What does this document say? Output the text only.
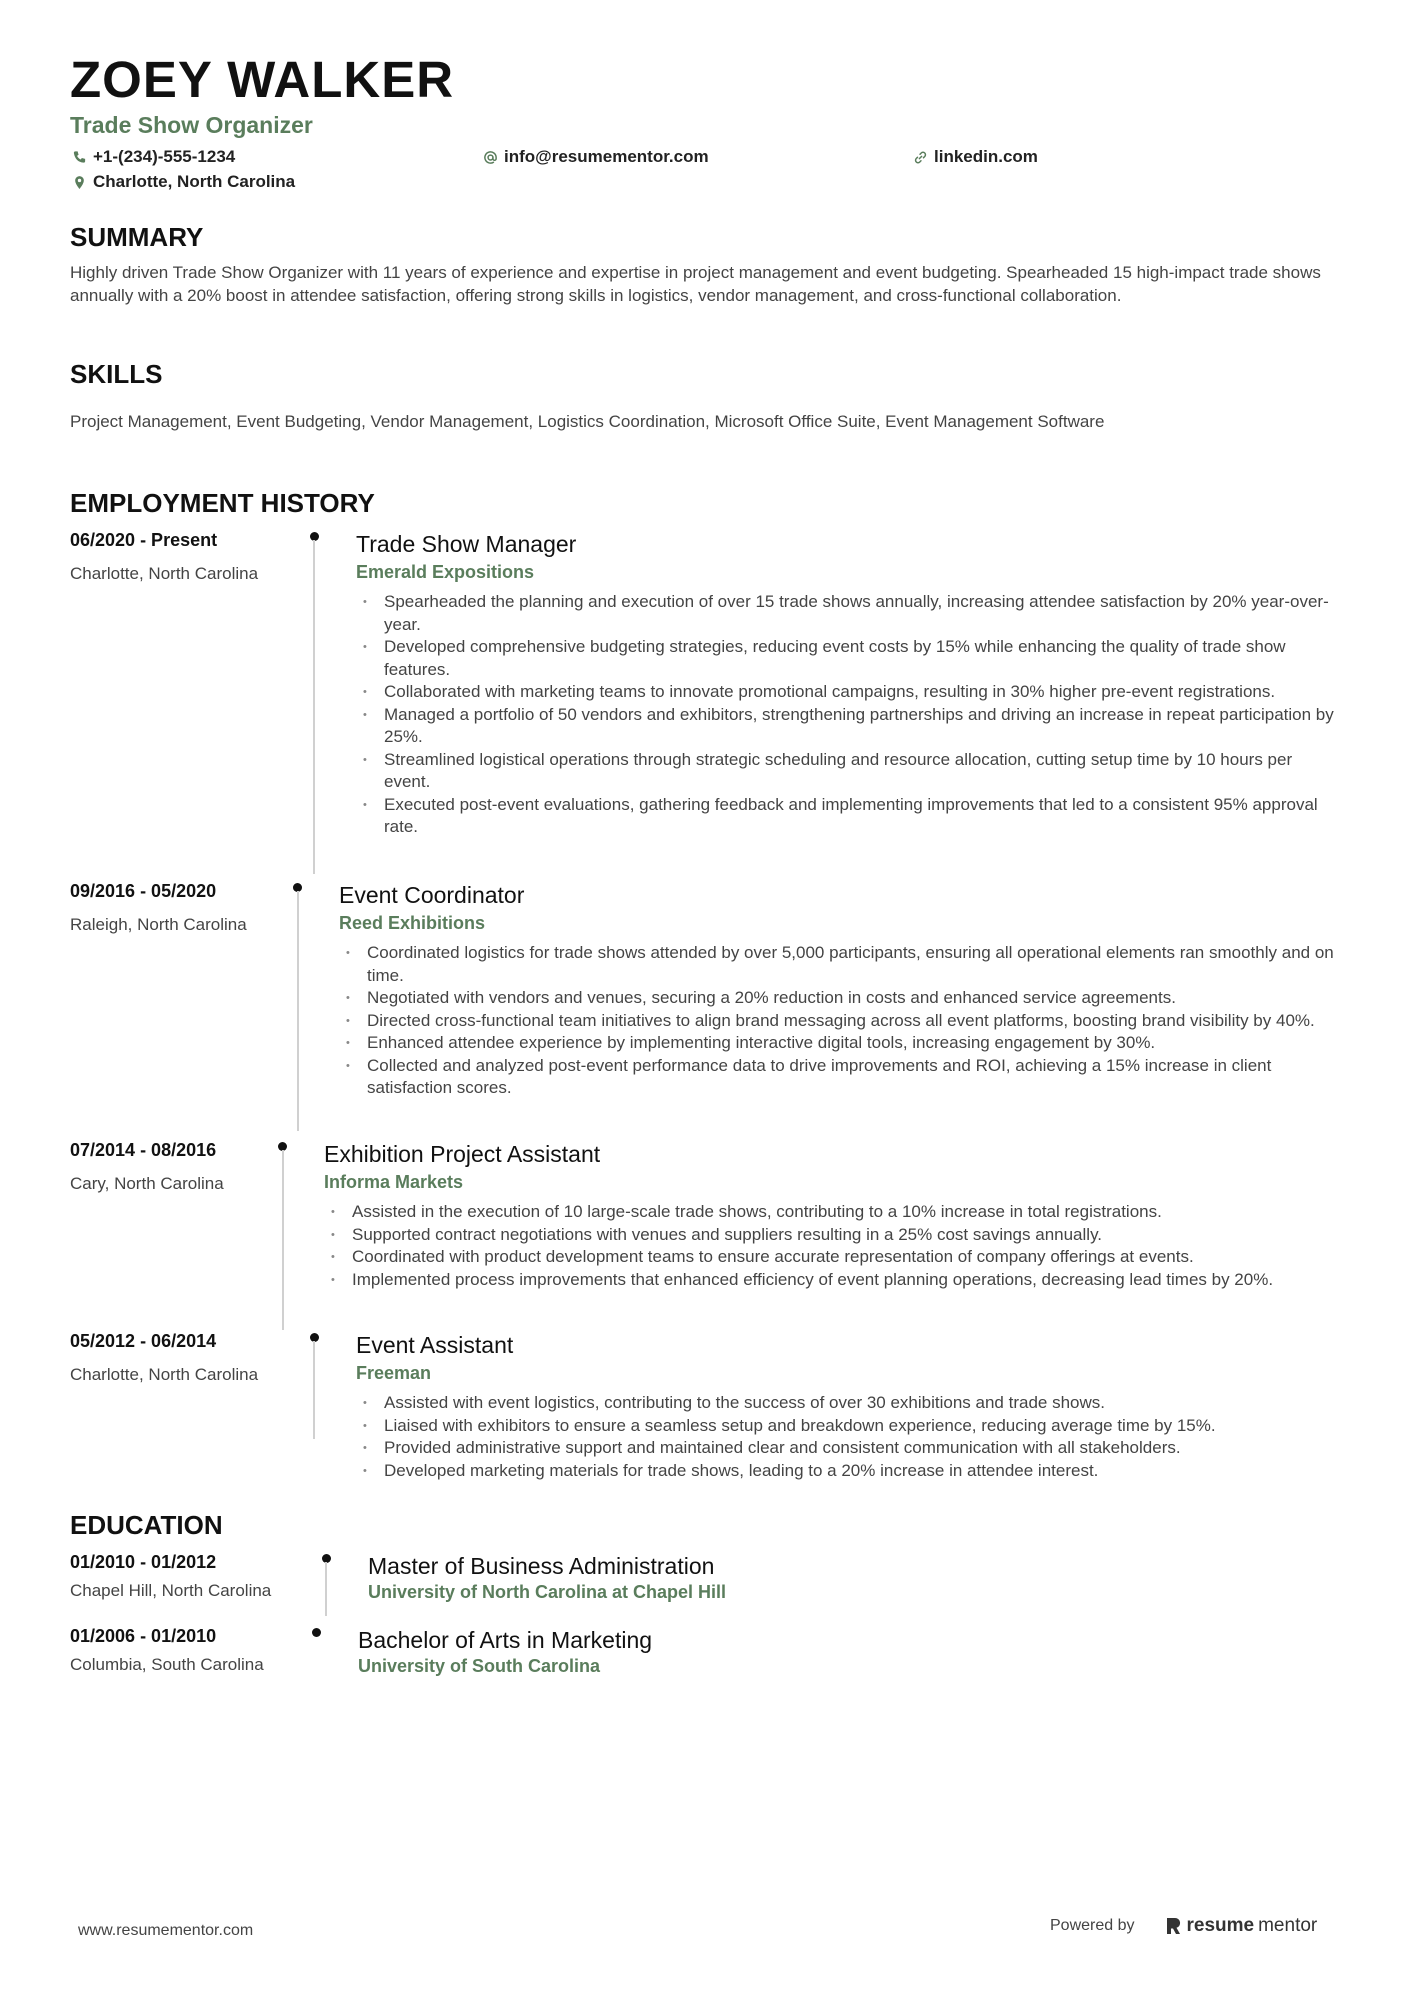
ZOEY WALKER
Trade Show Organizer
+1-(234)-555-1234	info@resumementor.com	linkedin.com
Charlotte, North Carolina
SUMMARY
Highly driven Trade Show Organizer with 11 years of experience and expertise in project management and event budgeting. Spearheaded 15 high-impact trade shows annually with a 20% boost in attendee satisfaction, offering strong skills in logistics, vendor management, and cross-functional collaboration.
SKILLS
Project Management, Event Budgeting, Vendor Management, Logistics Coordination, Microsoft Office Suite, Event Management Software
EMPLOYMENT HISTORY
06/2020 - Present
Charlotte, North Carolina
Trade Show Manager
Emerald Expositions
• Spearheaded the planning and execution of over 15 trade shows annually, increasing attendee satisfaction by 20% year-over-year.
• Developed comprehensive budgeting strategies, reducing event costs by 15% while enhancing the quality of trade show features.
• Collaborated with marketing teams to innovate promotional campaigns, resulting in 30% higher pre-event registrations.
• Managed a portfolio of 50 vendors and exhibitors, strengthening partnerships and driving an increase in repeat participation by 25%.
• Streamlined logistical operations through strategic scheduling and resource allocation, cutting setup time by 10 hours per event.
• Executed post-event evaluations, gathering feedback and implementing improvements that led to a consistent 95% approval rate.
09/2016 - 05/2020
Raleigh, North Carolina
Event Coordinator
Reed Exhibitions
• Coordinated logistics for trade shows attended by over 5,000 participants, ensuring all operational elements ran smoothly and on time.
• Negotiated with vendors and venues, securing a 20% reduction in costs and enhanced service agreements.
• Directed cross-functional team initiatives to align brand messaging across all event platforms, boosting brand visibility by 40%.
• Enhanced attendee experience by implementing interactive digital tools, increasing engagement by 30%.
• Collected and analyzed post-event performance data to drive improvements and ROI, achieving a 15% increase in client satisfaction scores.
07/2014 - 08/2016
Cary, North Carolina
Exhibition Project Assistant
Informa Markets
• Assisted in the execution of 10 large-scale trade shows, contributing to a 10% increase in total registrations.
• Supported contract negotiations with venues and suppliers resulting in a 25% cost savings annually.
• Coordinated with product development teams to ensure accurate representation of company offerings at events.
• Implemented process improvements that enhanced efficiency of event planning operations, decreasing lead times by 20%.
05/2012 - 06/2014
Charlotte, North Carolina
Event Assistant
Freeman
• Assisted with event logistics, contributing to the success of over 30 exhibitions and trade shows.
• Liaised with exhibitors to ensure a seamless setup and breakdown experience, reducing average time by 15%.
• Provided administrative support and maintained clear and consistent communication with all stakeholders.
• Developed marketing materials for trade shows, leading to a 20% increase in attendee interest.
EDUCATION
01/2010 - 01/2012
Chapel Hill, North Carolina
Master of Business Administration
University of North Carolina at Chapel Hill
01/2006 - 01/2010
Columbia, South Carolina
Bachelor of Arts in Marketing
University of South Carolina
www.resumementor.com	Powered by	resume mentor
